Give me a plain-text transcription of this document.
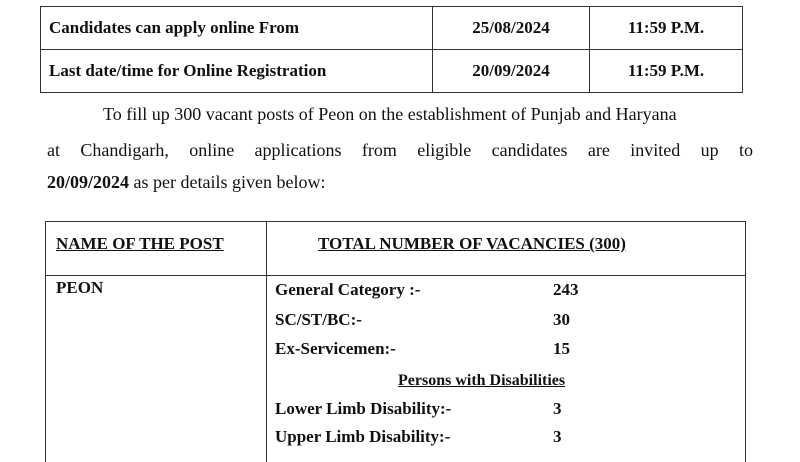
Candidates can apply online From	25/08/2024	11:59 P.M.
Last date/time for Online Registration	20/09/2024	11:59 P.M.
To fill up 300 vacant posts of Peon on the establishment of Punjab and Haryana
at Chandigarh, online applications from eligible candidates are invited up to
20/09/2024 as per details given below:
NAME OF THE POST	TOTAL NUMBER OF VACANCIES (300)
PEON	General Category :-	243
SC/ST/BC:-	30
Ex-Servicemen:-	15
Persons with Disabilities
Lower Limb Disability:-	3
Upper Limb Disability:-	3
